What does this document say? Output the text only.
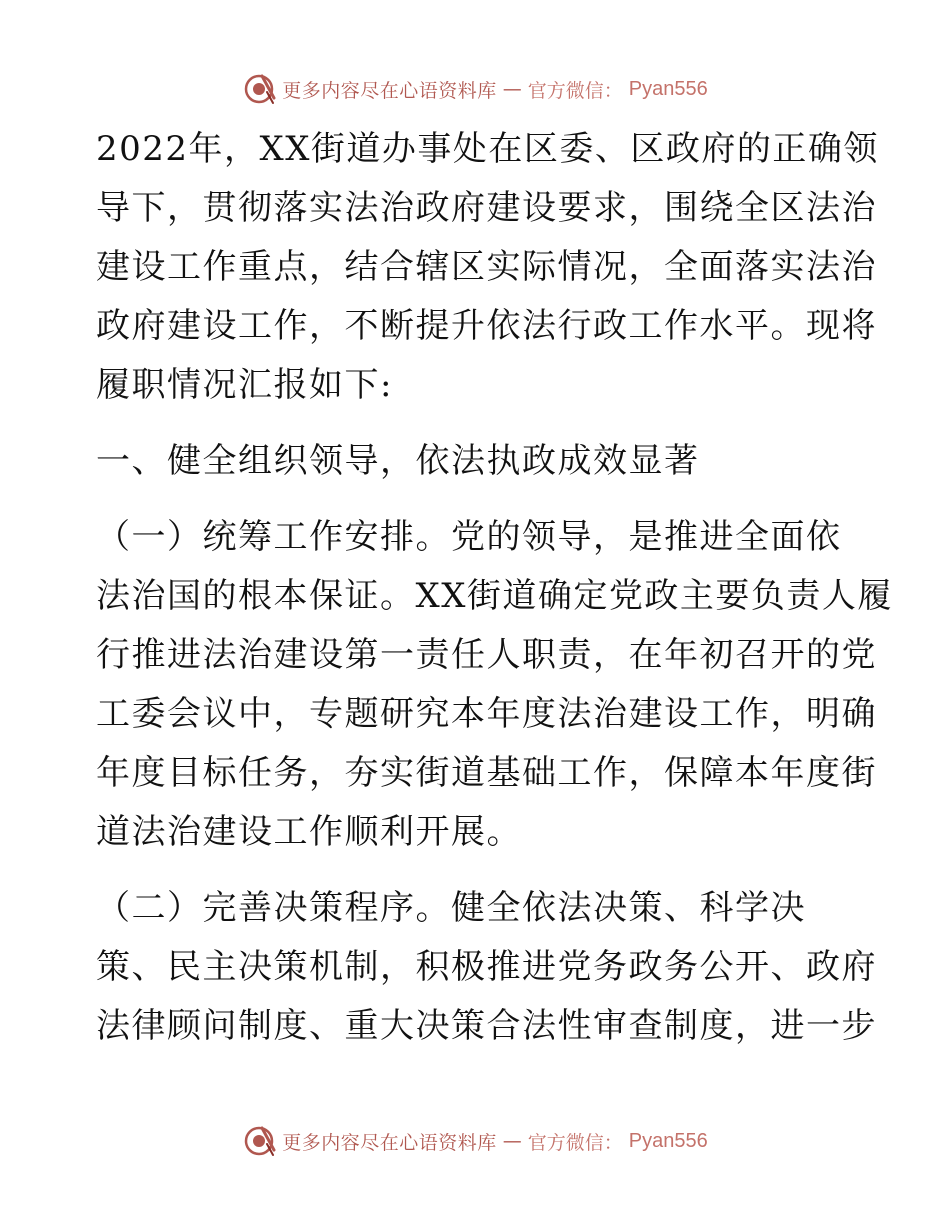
更多内容尽在心语资料库 — 官方微信： Pyan556
2022年，XX街道办事处在区委、区政府的正确领
导下，贯彻落实法治政府建设要求，围绕全区法治
建设工作重点，结合辖区实际情况，全面落实法治
政府建设工作，不断提升依法行政工作水平。现将
履职情况汇报如下:
一、健全组织领导，依法执政成效显著
（一）统筹工作安排。党的领导，是推进全面依
法治国的根本保证。XX街道确定党政主要负责人履
行推进法治建设第一责任人职责，在年初召开的党
工委会议中，专题研究本年度法治建设工作，明确
年度目标任务，夯实街道基础工作，保障本年度街
道法治建设工作顺利开展。
（二）完善决策程序。健全依法决策、科学决
策、民主决策机制，积极推进党务政务公开、政府
法律顾问制度、重大决策合法性审查制度，进一步
更多内容尽在心语资料库 — 官方微信： Pyan556
